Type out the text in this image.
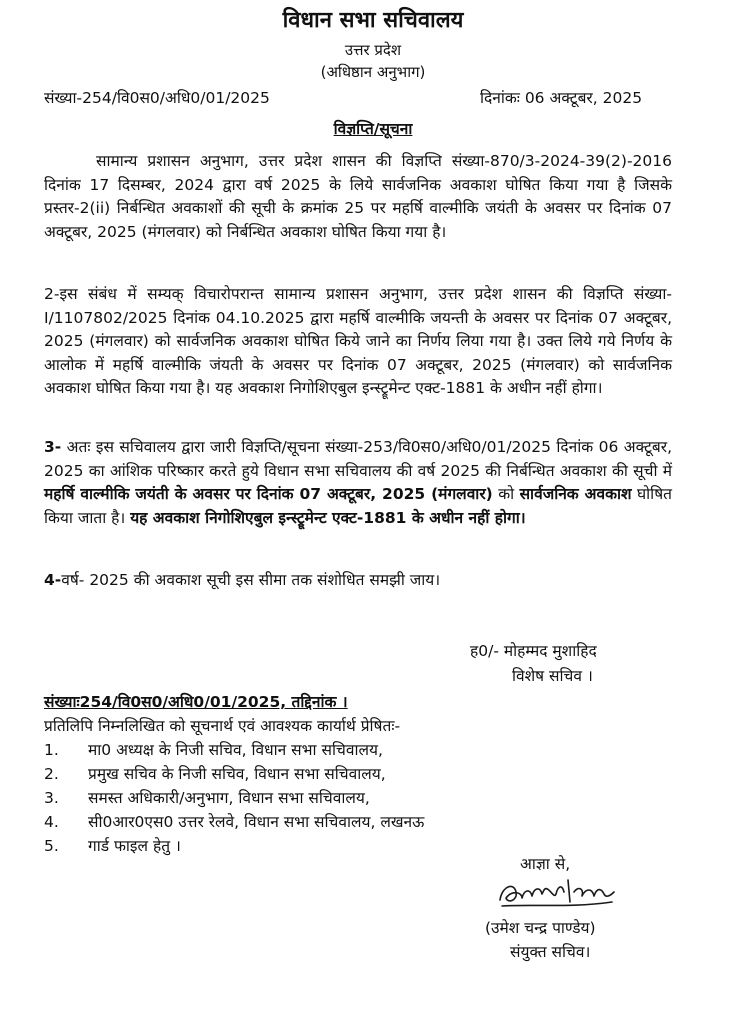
विधान सभा सचिवालय
उत्तर प्रदेश
(अधिष्ठान अनुभाग)
संख्या-254/वि0स0/अधि0/01/2025	दिनांकः 06 अक्टूबर, 2025
विज्ञप्ति/सूचना
सामान्य प्रशासन अनुभाग, उत्तर प्रदेश शासन की विज्ञप्ति संख्या-870/3-2024-39(2)-2016 दिनांक 17 दिसम्बर, 2024 द्वारा वर्ष 2025 के लिये सार्वजनिक अवकाश घोषित किया गया है जिसके प्रस्तर-2(ii) निर्बन्धित अवकाशों की सूची के क्रमांक 25 पर महर्षि वाल्मीकि जयंती के अवसर पर दिनांक 07 अक्टूबर, 2025 (मंगलवार) को निर्बन्धित अवकाश घोषित किया गया है।
2-इस संबंध में सम्यक् विचारोपरान्त सामान्य प्रशासन अनुभाग, उत्तर प्रदेश शासन की विज्ञप्ति संख्या-I/1107802/2025 दिनांक 04.10.2025 द्वारा महर्षि वाल्मीकि जयन्ती के अवसर पर दिनांक 07 अक्टूबर, 2025 (मंगलवार) को सार्वजनिक अवकाश घोषित किये जाने का निर्णय लिया गया है। उक्त लिये गये निर्णय के आलोक में महर्षि वाल्मीकि जंयती के अवसर पर दिनांक 07 अक्टूबर, 2025 (मंगलवार) को सार्वजनिक अवकाश घोषित किया गया है। यह अवकाश निगोशिएबुल इन्स्ट्रूमेन्ट एक्ट-1881 के अधीन नहीं होगा।
3- अतः इस सचिवालय द्वारा जारी विज्ञप्ति/सूचना संख्या-253/वि0स0/अधि0/01/2025 दिनांक 06 अक्टूबर, 2025 का आंशिक परिष्कार करते हुये विधान सभा सचिवालय की वर्ष 2025 की निर्बन्धित अवकाश की सूची में महर्षि वाल्मीकि जयंती के अवसर पर दिनांक 07 अक्टूबर, 2025 (मंगलवार) को सार्वजनिक अवकाश घोषित किया जाता है। यह अवकाश निगोशिएबुल इन्स्ट्रूमेन्ट एक्ट-1881 के अधीन नहीं होगा।
4-वर्ष- 2025 की अवकाश सूची इस सीमा तक संशोधित समझी जाय।
ह0/- मोहम्मद मुशाहिद
विशेष सचिव ।
संख्याः254/वि0स0/अधि0/01/2025, तद्दिनांक ।
प्रतिलिपि निम्नलिखित को सूचनार्थ एवं आवश्यक कार्यार्थ प्रेषितः-
1. मा0 अध्यक्ष के निजी सचिव, विधान सभा सचिवालय,
2. प्रमुख सचिव के निजी सचिव, विधान सभा सचिवालय,
3. समस्त अधिकारी/अनुभाग, विधान सभा सचिवालय,
4. सी0आर0एस0 उत्तर रेलवे, विधान सभा सचिवालय, लखनऊ
5. गार्ड फाइल हेतु ।
आज्ञा से,
(उमेश चन्द्र पाण्डेय)
संयुक्त सचिव।
